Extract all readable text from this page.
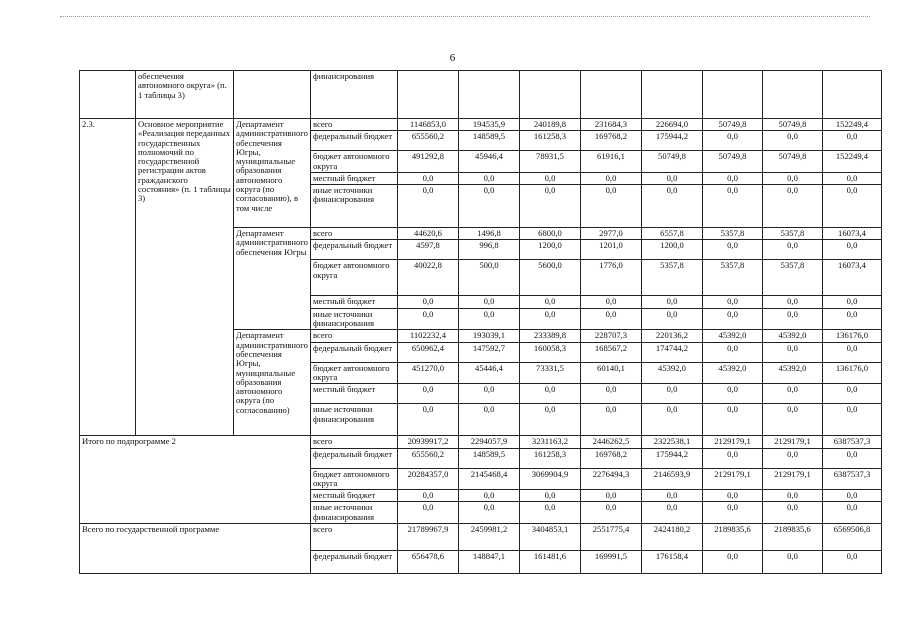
6
	обеспечения автономного округа» (п. 1 таблицы 3)		финансирования								
2.3.	Основное мероприятие «Реализация переданных государственных полномочий по государственной регистрации актов гражданского состояния» (п. 1 таблицы 3)	Департамент административного обеспечения Югры, муниципальные образования автономного округа (по согласованию), в том числе	всего	1146853,0	194535,9	240189,8	231684,3	226694,0	50749,8	50749,8	152249,4
			федеральный бюджет	655560,2	148589,5	161258,3	169768,2	175944,2	0,0	0,0	0,0
			бюджет автономного округа	491292,8	45946,4	78931,5	61916,1	50749,8	50749,8	50749,8	152249,4
			местный бюджет	0,0	0,0	0,0	0,0	0,0	0,0	0,0	0,0
			иные источники финансирования	0,0	0,0	0,0	0,0	0,0	0,0	0,0	0,0
		Департамент административного обеспечения Югры	всего	44620,6	1496,8	6800,0	2977,0	6557,8	5357,8	5357,8	16073,4
			федеральный бюджет	4597,8	996,8	1200,0	1201,0	1200,0	0,0	0,0	0,0
			бюджет автономного округа	40022,8	500,0	5600,0	1776,0	5357,8	5357,8	5357,8	16073,4
			местный бюджет	0,0	0,0	0,0	0,0	0,0	0,0	0,0	0,0
			иные источники финансирования	0,0	0,0	0,0	0,0	0,0	0,0	0,0	0,0
		Департамент административного обеспечения Югры, муниципальные образования автономного округа (по согласованию)	всего	1102232,4	193039,1	233389,8	228707,3	220136,2	45392,0	45392,0	136176,0
			федеральный бюджет	650962,4	147592,7	160058,3	168567,2	174744,2	0,0	0,0	0,0
			бюджет автономного округа	451270,0	45446,4	73331,5	60140,1	45392,0	45392,0	45392,0	136176,0
			местный бюджет	0,0	0,0	0,0	0,0	0,0	0,0	0,0	0,0
			иные источники финансирования	0,0	0,0	0,0	0,0	0,0	0,0	0,0	0,0
Итого по подпрограмме 2			всего	20939917,2	2294057,9	3231163,2	2446262,5	2322538,1	2129179,1	2129179,1	6387537,3
			федеральный бюджет	655560,2	148589,5	161258,3	169768,2	175944,2	0,0	0,0	0,0
			бюджет автономного округа	20284357,0	2145468,4	3069904,9	2276494,3	2146593,9	2129179,1	2129179,1	6387537,3
			местный бюджет	0,0	0,0	0,0	0,0	0,0	0,0	0,0	0,0
			иные источники финансирования	0,0	0,0	0,0	0,0	0,0	0,0	0,0	0,0
Всего по государственной программе			всего	21789967,9	2459981,2	3404853,1	2551775,4	2424180,2	2189835,6	2189835,6	6569506,8
			федеральный бюджет	656478,6	148847,1	161481,6	169991,5	176158,4	0,0	0,0	0,0
